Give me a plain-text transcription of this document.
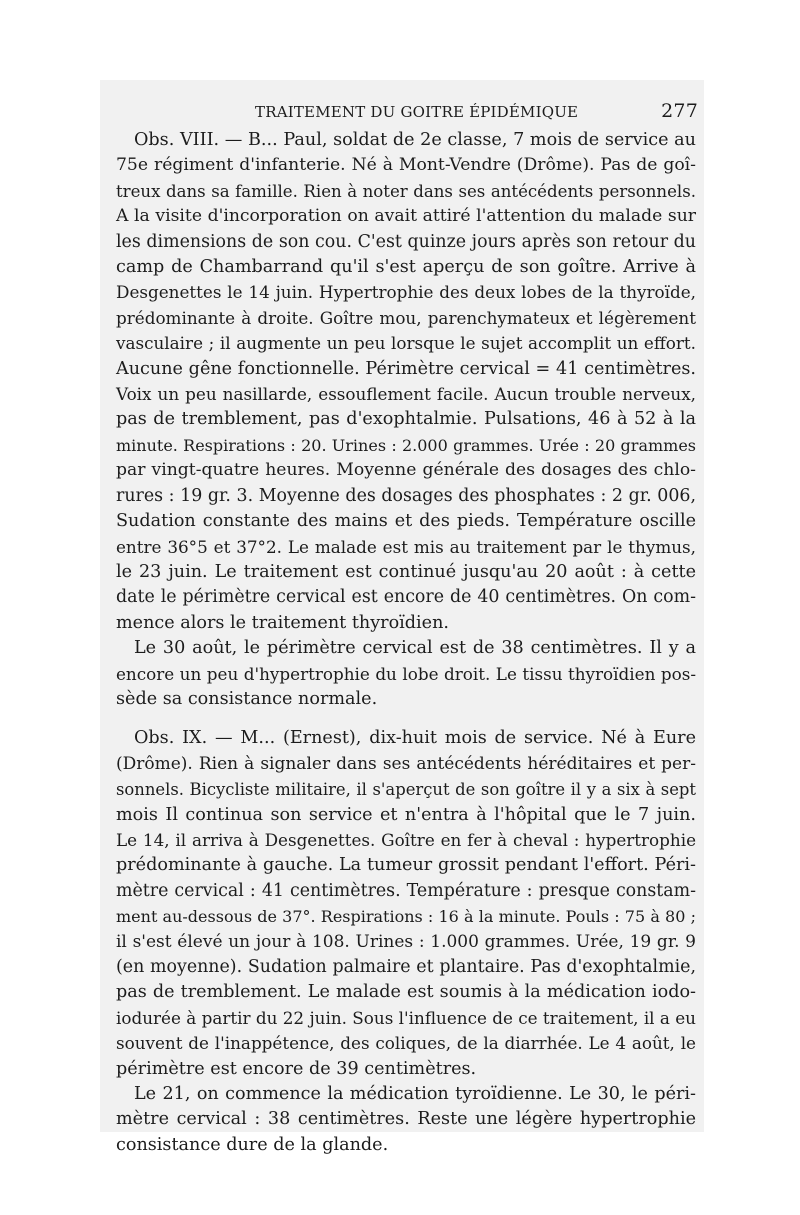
TRAITEMENT DU GOITRE ÉPIDÉMIQUE	277
Obs. VIII. — B... Paul, soldat de 2e classe, 7 mois de service au
75e régiment d'infanterie. Né à Mont-Vendre (Drôme). Pas de goî-
treux dans sa famille. Rien à noter dans ses antécédents personnels.
A la visite d'incorporation on avait attiré l'attention du malade sur
les dimensions de son cou. C'est quinze jours après son retour du
camp de Chambarrand qu'il s'est aperçu de son goître. Arrive à
Desgenettes le 14 juin. Hypertrophie des deux lobes de la thyroïde,
prédominante à droite. Goître mou, parenchymateux et légèrement
vasculaire ; il augmente un peu lorsque le sujet accomplit un effort.
Aucune gêne fonctionnelle. Périmètre cervical = 41 centimètres.
Voix un peu nasillarde, essouflement facile. Aucun trouble nerveux,
pas de tremblement, pas d'exophtalmie. Pulsations, 46 à 52 à la
minute. Respirations : 20. Urines : 2.000 grammes. Urée : 20 grammes
par vingt-quatre heures. Moyenne générale des dosages des chlo-
rures : 19 gr. 3. Moyenne des dosages des phosphates : 2 gr. 006,
Sudation constante des mains et des pieds. Température oscille
entre 36°5 et 37°2. Le malade est mis au traitement par le thymus,
le 23 juin. Le traitement est continué jusqu'au 20 août : à cette
date le périmètre cervical est encore de 40 centimètres. On com-
mence alors le traitement thyroïdien.
Le 30 août, le périmètre cervical est de 38 centimètres. Il y a
encore un peu d'hypertrophie du lobe droit. Le tissu thyroïdien pos-
sède sa consistance normale.
Obs. IX. — M... (Ernest), dix-huit mois de service. Né à Eure
(Drôme). Rien à signaler dans ses antécédents héréditaires et per-
sonnels. Bicycliste militaire, il s'aperçut de son goître il y a six à sept
mois Il continua son service et n'entra à l'hôpital que le 7 juin.
Le 14, il arriva à Desgenettes. Goître en fer à cheval : hypertrophie
prédominante à gauche. La tumeur grossit pendant l'effort. Péri-
mètre cervical : 41 centimètres. Température : presque constam-
ment au-dessous de 37°. Respirations : 16 à la minute. Pouls : 75 à 80 ;
il s'est élevé un jour à 108. Urines : 1.000 grammes. Urée, 19 gr. 9
(en moyenne). Sudation palmaire et plantaire. Pas d'exophtalmie,
pas de tremblement. Le malade est soumis à la médication iodo-
iodurée à partir du 22 juin. Sous l'influence de ce traitement, il a eu
souvent de l'inappétence, des coliques, de la diarrhée. Le 4 août, le
périmètre est encore de 39 centimètres.
Le 21, on commence la médication tyroïdienne. Le 30, le péri-
mètre cervical : 38 centimètres. Reste une légère hypertrophie
consistance dure de la glande.
